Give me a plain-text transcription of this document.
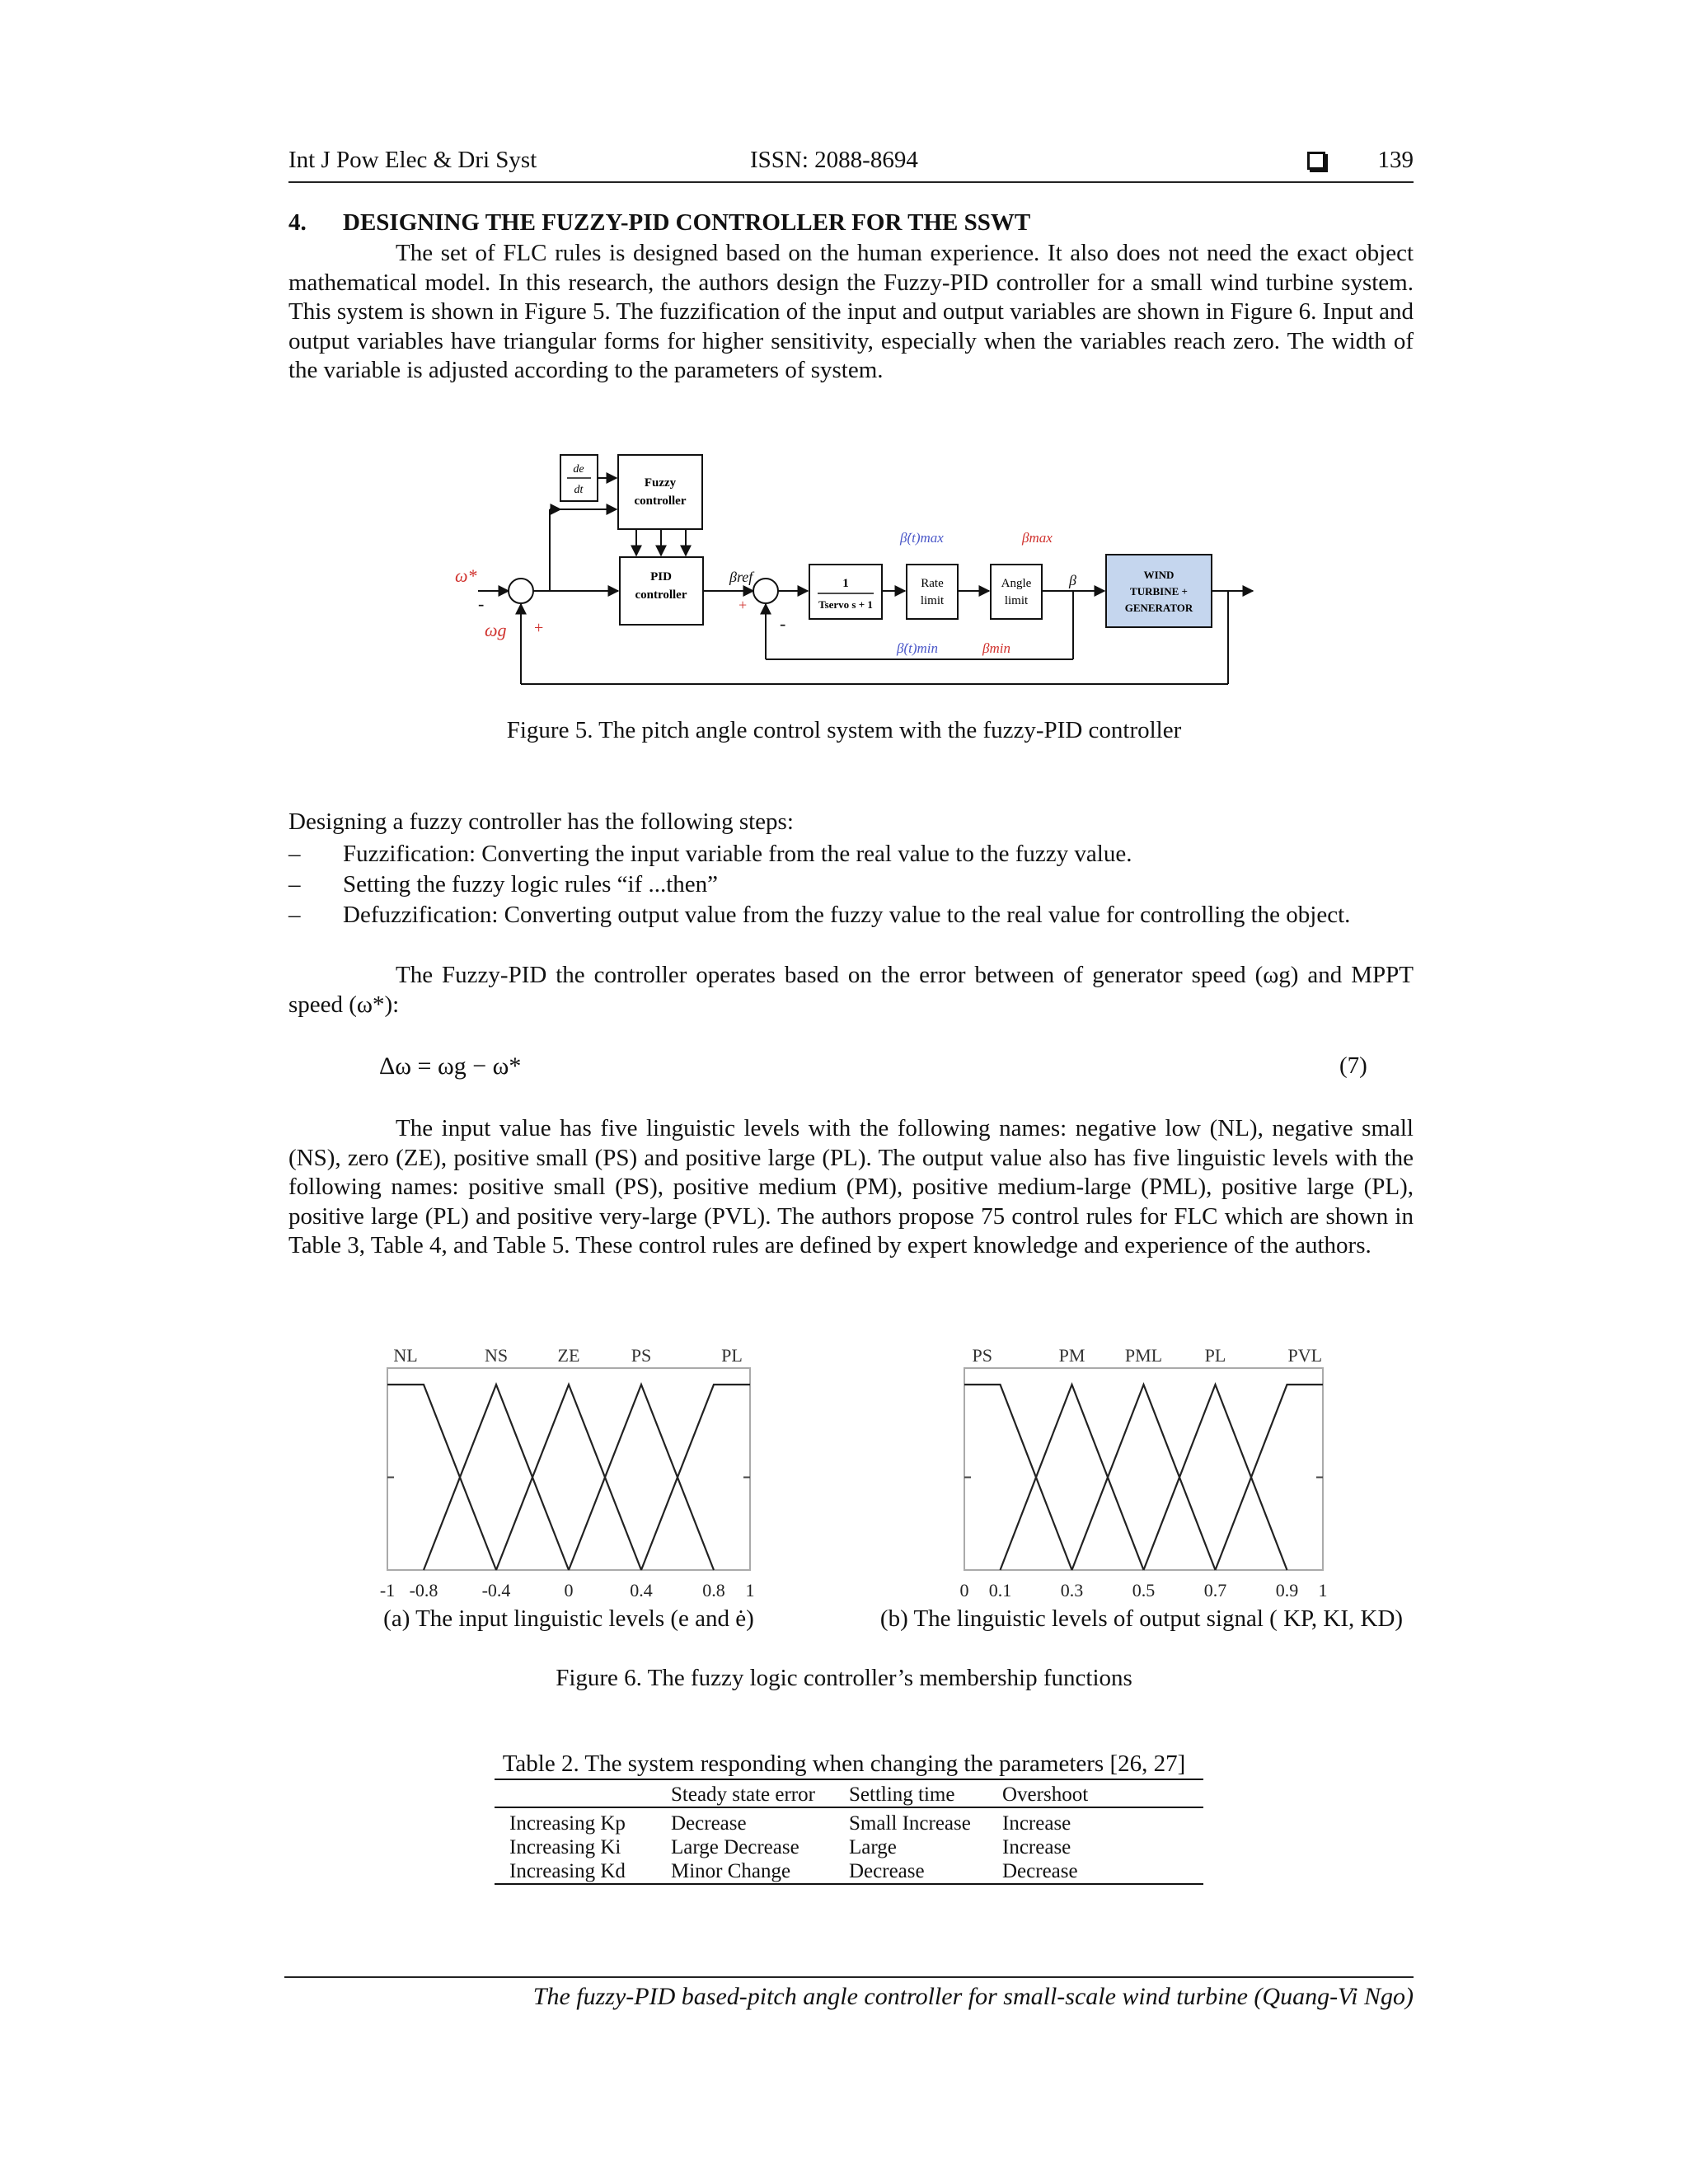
Int J Pow Elec & Dri Syst	ISSN: 2088-8694	139
4. DESIGNING THE FUZZY-PID CONTROLLER FOR THE SSWT
The set of FLC rules is designed based on the human experience. It also does not need the exact object mathematical model. In this research, the authors design the Fuzzy-PID controller for a small wind turbine system. This system is shown in Figure 5. The fuzzification of the input and output variables are shown in Figure 6. Input and output variables have triangular forms for higher sensitivity, especially when the variables reach zero. The width of the variable is adjusted according to the parameters of system.
de
dt
Fuzzy
controller
PID
controller
1
Tservo s + 1
Rate
limit
Angle
limit
WIND
TURBINE +
GENERATOR
ω*
-
ωg +
βref
+
-
β̇(t)max
β̇(t)min
βmax
βmin
β
Figure 5. The pitch angle control system with the fuzzy-PID controller
Designing a fuzzy controller has the following steps:
– Fuzzification: Converting the input variable from the real value to the fuzzy value.
– Setting the fuzzy logic rules “if ...then”
– Defuzzification: Converting output value from the fuzzy value to the real value for controlling the object.
The Fuzzy-PID the controller operates based on the error between of generator speed (ωg) and MPPT speed (ω*):
Δω = ωg − ω*	(7)
The input value has five linguistic levels with the following names: negative low (NL), negative small (NS), zero (ZE), positive small (PS) and positive large (PL). The output value also has five linguistic levels with the following names: positive small (PS), positive medium (PM), positive medium-large (PML), positive large (PL), positive large (PL) and positive very-large (PVL). The authors propose 75 control rules for FLC which are shown in Table 3, Table 4, and Table 5. These control rules are defined by expert knowledge and experience of the authors.
NL	NS	ZE	PS	PL
-1 -0.8 -0.4	0	0.4	0.8 1
PS	PM PML PL	PVL
0 0.1	0.3	0.5	0.7	0.9 1
(a) The input linguistic levels (e and ė)	(b) The linguistic levels of output signal ( KP, KI, KD)
Figure 6. The fuzzy logic controller’s membership functions
Table 2. The system responding when changing the parameters [26, 27]
	Steady state error	Settling time	Overshoot
Increasing Kp	Decrease	Small Increase	Increase
Increasing Ki	Large Decrease	Large	Increase
Increasing Kd	Minor Change	Decrease	Decrease
The fuzzy-PID based-pitch angle controller for small-scale wind turbine (Quang-Vi Ngo)
